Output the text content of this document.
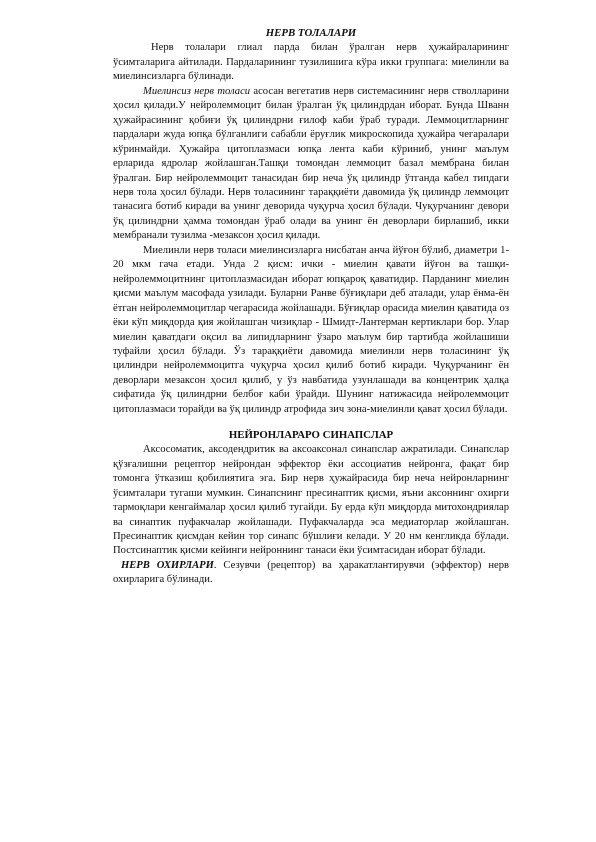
НЕРВ ТОЛАЛАРИ

Нерв толалари глиал парда билан ўралган нерв ҳужайраларининг ўсимталарига айтилади. Пардаларининг тузилишига кўра икки группага: миелинли ва миелинсизларга бўлинади.

Миелинсиз нерв толаси асосан вегетатив нерв системасининг нерв стволларини ҳосил қилади.У нейролеммоцит билан ўралган ўқ цилиндрдан иборат. Бунда Шванн ҳужайрасининг қобиғи ўқ цилиндрни ғилоф каби ўраб туради. Леммоцитларнинг пардалари жуда юпқа бўлганлиги сабабли ёруғлик микроскопида ҳужайра чегаралари кўринмайди. Ҳужайра цитоплазмаси юпқа лента каби кўриниб, унинг маълум ерларида ядролар жойлашган.Ташқи томондан леммоцит базал мембрана билан ўралган. Бир нейролеммоцит танасидан бир неча ўқ цилиндр ўтганда кабел типдаги нерв тола ҳосил бўлади. Нерв толасининг тараққиёти давомида ўқ цилиндр леммоцит танасига ботиб киради ва унинг деворида чуқурча ҳосил бўлади. Чуқурчанинг девори ўқ цилиндрни ҳамма томондан ўраб олади ва унинг ён деворлари бирлашиб, икки мембранали тузилма -мезаксон ҳосил қилади.

Миелинли нерв толаси миелинсизларга нисбатан анча йўғон бўлиб, диаметри 1-20 мкм гача етади. Унда 2 қисм: ички - миелин қавати йўғон ва ташқи- нейролеммоцитнинг цитоплазмасидан иборат юпқароқ қаватидир. Парданинг миелин қисми маълум масофада узилади. Буларни Ранве бўғиқлари деб аталади, улар ёнма-ён ётган нейролеммоцитлар чегарасида жойлашади. Бўғиқлар орасида миелин қаватида оз ёки кўп миқдорда қия жойлашган чизиқлар - Шмидт-Лантерман кертиклари бор. Улар миелин қаватдаги оқсил ва липидларнинг ўзаро маълум бир тартибда жойлашиши туфайли ҳосил бўлади. Ўз тараққиёти давомида миелинли нерв толасининг ўқ цилиндри нейролеммоцитга чуқурча ҳосил қилиб ботиб киради. Чуқурчанинг ён деворлари мезаксон ҳосил қилиб, у ўз навбатида узунлашади ва концентрик ҳалқа сифатида ўқ цилиндрни белбоғ каби ўрайди. Шунинг натижасида нейролеммоцит цитоплазмаси торайди ва ўқ цилиндр атрофида зич зона-миелинли қават ҳосил бўлади.

НЕЙРОНЛАРАРО СИНАПСЛАР

Аксосоматик, аксодендритик ва аксоаксонал синапслар ажратилади. Синапслар қўзғалишни рецептор нейрондан эффектор ёки ассоциатив нейронга, фақат бир томонга ўтказиш қобилиятига эга. Бир нерв ҳужайрасида бир неча нейронларнинг ўсимталари тугаши мумкин. Синапснинг пресинаптик қисми, яъни аксоннинг охирги тармоқлари кенгаймалар ҳосил қилиб тугайди. Бу ерда кўп миқдорда митохондриялар ва синаптик пуфакчалар жойлашади. Пуфакчаларда эса медиаторлар жойлашган. Пресинаптик қисмдан кейин тор синапс бўшлиғи келади. У 20 нм кенгликда бўлади. Постсинаптик қисми кейинги нейроннинг танаси ёки ўсимтасидан иборат бўлади.

НЕРВ ОХИРЛАРИ. Сезувчи (рецептор) ва ҳаракатлантирувчи (эффектор) нерв охирларига бўлинади.
